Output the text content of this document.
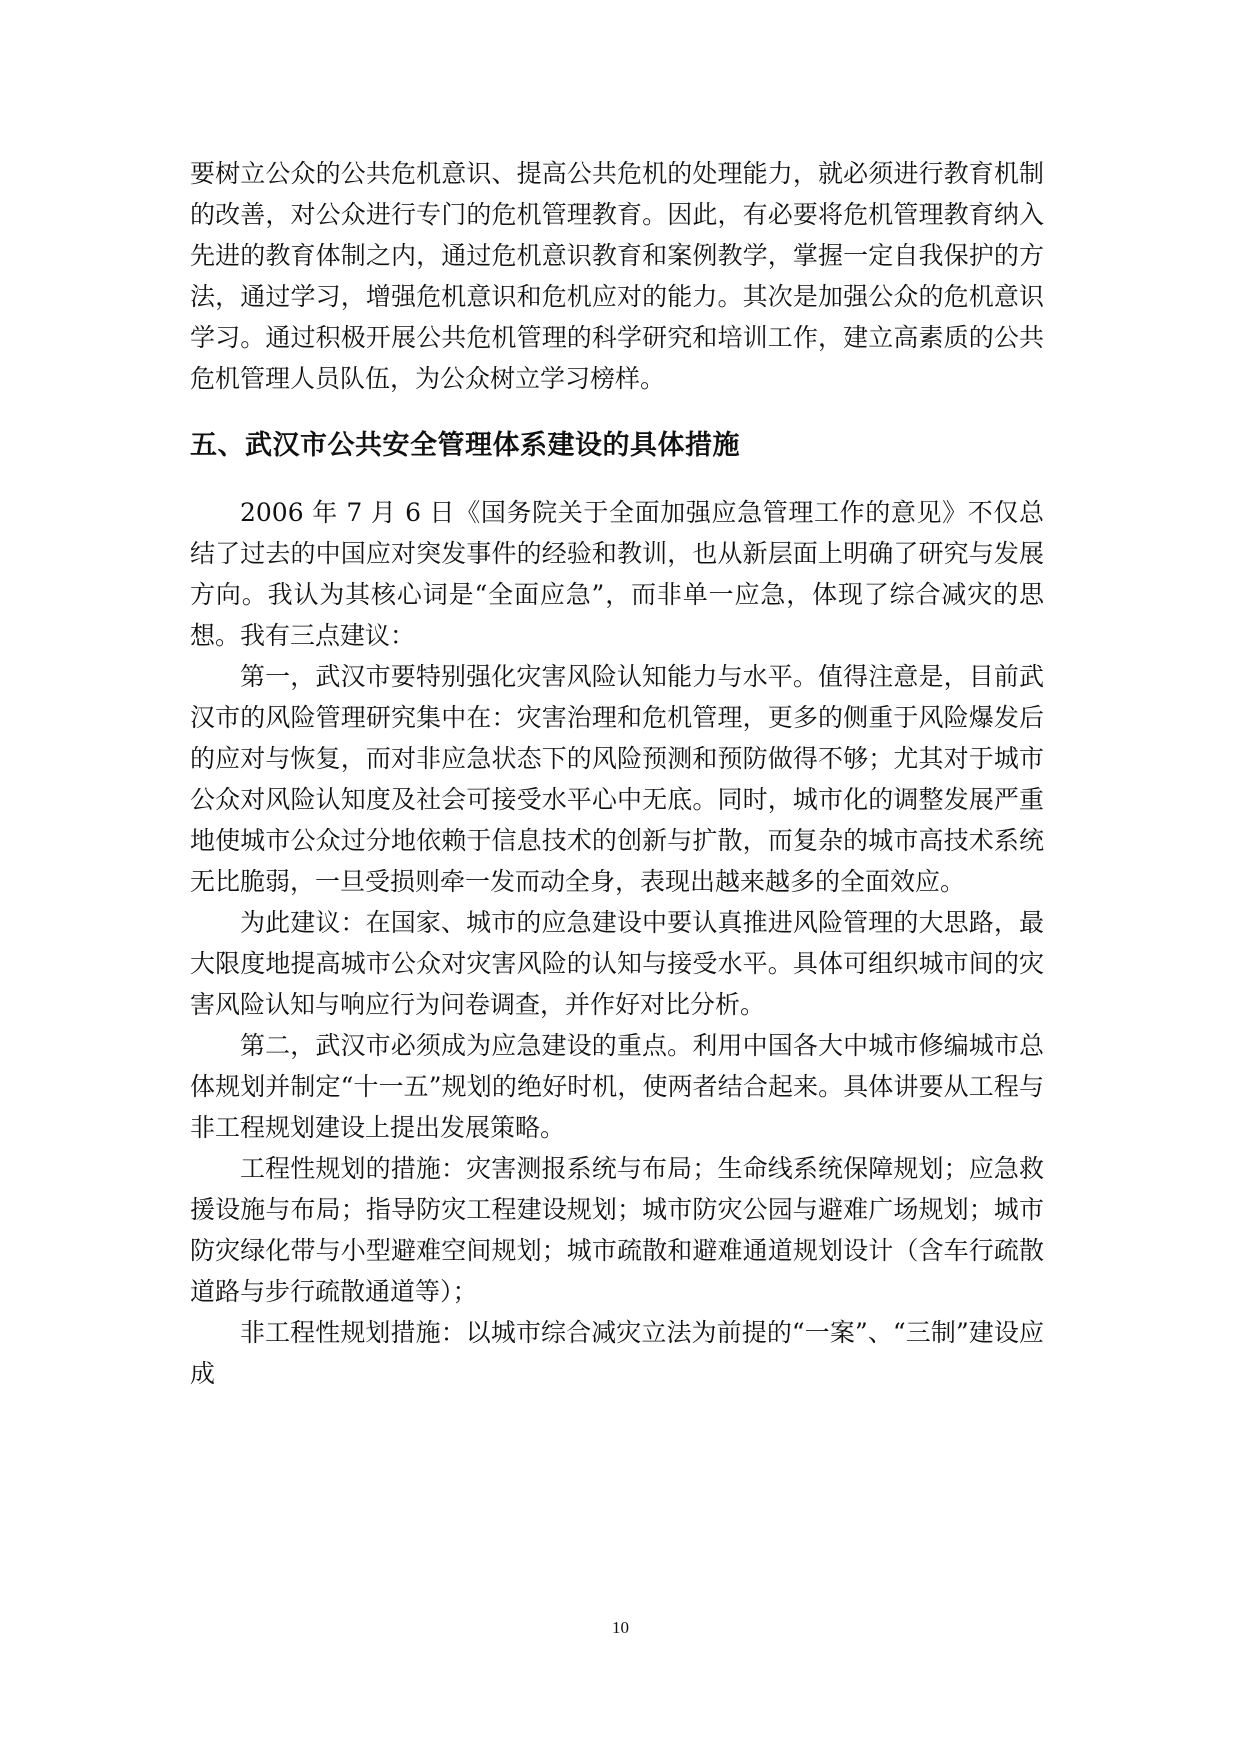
要树立公众的公共危机意识、提高公共危机的处理能力，就必须进行教育机制的改善，对公众进行专门的危机管理教育。因此，有必要将危机管理教育纳入先进的教育体制之内，通过危机意识教育和案例教学，掌握一定自我保护的方法，通过学习，增强危机意识和危机应对的能力。其次是加强公众的危机意识学习。通过积极开展公共危机管理的科学研究和培训工作，建立高素质的公共危机管理人员队伍，为公众树立学习榜样。

五、武汉市公共安全管理体系建设的具体措施

2006 年 7 月 6 日《国务院关于全面加强应急管理工作的意见》不仅总结了过去的中国应对突发事件的经验和教训，也从新层面上明确了研究与发展方向。我认为其核心词是“全面应急”，而非单一应急，体现了综合减灾的思想。我有三点建议：

第一，武汉市要特别强化灾害风险认知能力与水平。值得注意是，目前武汉市的风险管理研究集中在：灾害治理和危机管理，更多的侧重于风险爆发后的应对与恢复，而对非应急状态下的风险预测和预防做得不够；尤其对于城市公众对风险认知度及社会可接受水平心中无底。同时，城市化的调整发展严重地使城市公众过分地依赖于信息技术的创新与扩散，而复杂的城市高技术系统无比脆弱，一旦受损则牵一发而动全身，表现出越来越多的全面效应。

为此建议：在国家、城市的应急建设中要认真推进风险管理的大思路，最大限度地提高城市公众对灾害风险的认知与接受水平。具体可组织城市间的灾害风险认知与响应行为问卷调查，并作好对比分析。

第二，武汉市必须成为应急建设的重点。利用中国各大中城市修编城市总体规划并制定“十一五”规划的绝好时机，使两者结合起来。具体讲要从工程与非工程规划建设上提出发展策略。

工程性规划的措施：灾害测报系统与布局；生命线系统保障规划；应急救援设施与布局；指导防灾工程建设规划；城市防灾公园与避难广场规划；城市防灾绿化带与小型避难空间规划；城市疏散和避难通道规划设计（含车行疏散道路与步行疏散通道等）；

非工程性规划措施：以城市综合减灾立法为前提的“一案”、“三制”建设应成

10
